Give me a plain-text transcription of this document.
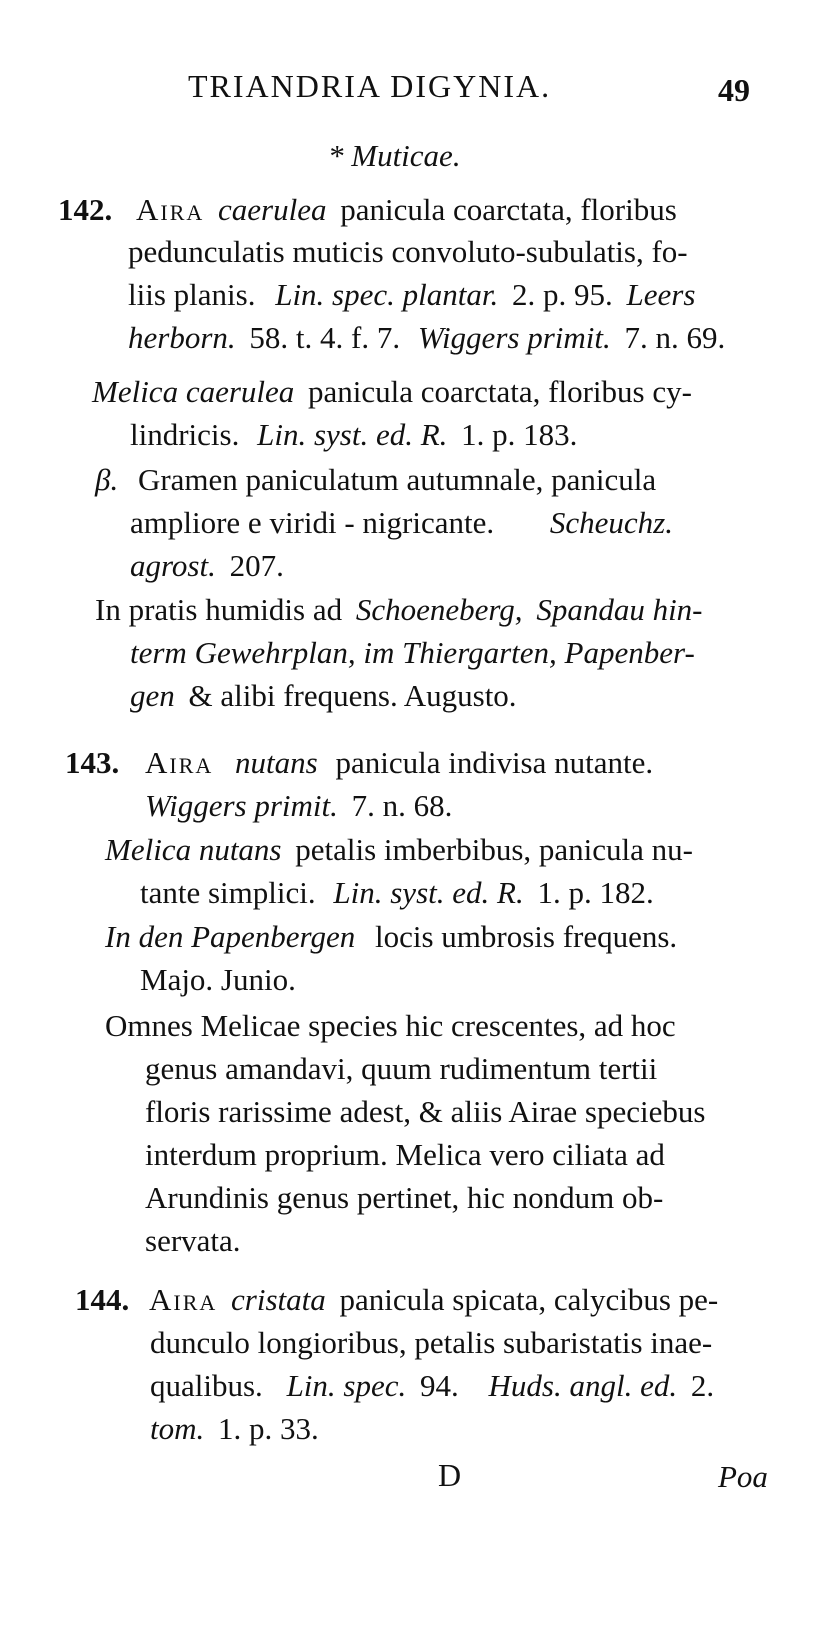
TRIANDRIA DIGYNIA.	49
* Muticae.
142. Aira caerulea panicula coarctata, floribus
pedunculatis muticis convoluto-subulatis, fo-
liis planis. Lin. spec. plantar. 2. p. 95. Leers
herborn. 58. t. 4. f. 7. Wiggers primit. 7. n. 69.
Melica caerulea panicula coarctata, floribus cy-
lindricis. Lin. syst. ed. R. 1. p. 183.
β. Gramen paniculatum autumnale, panicula
ampliore e viridi - nigricante. Scheuchz.
agrost. 207.
In pratis humidis ad Schoeneberg, Spandau hin-
term Gewehrplan, im Thiergarten, Papenber-
gen & alibi frequens. Augusto.
143. Aira nutans panicula indivisa nutante.
Wiggers primit. 7. n. 68.
Melica nutans petalis imberbibus, panicula nu-
tante simplici. Lin. syst. ed. R. 1. p. 182.
In den Papenbergen locis umbrosis frequens.
Majo. Junio.
Omnes Melicae species hic crescentes, ad hoc
genus amandavi, quum rudimentum tertii
floris rarissime adest, & aliis Airae speciebus
interdum proprium. Melica vero ciliata ad
Arundinis genus pertinet, hic nondum ob-
servata.
144. Aira cristata panicula spicata, calycibus pe-
dunculo longioribus, petalis subaristatis inae-
qualibus. Lin. spec. 94. Huds. angl. ed. 2.
tom. 1. p. 33.
D	Poa
